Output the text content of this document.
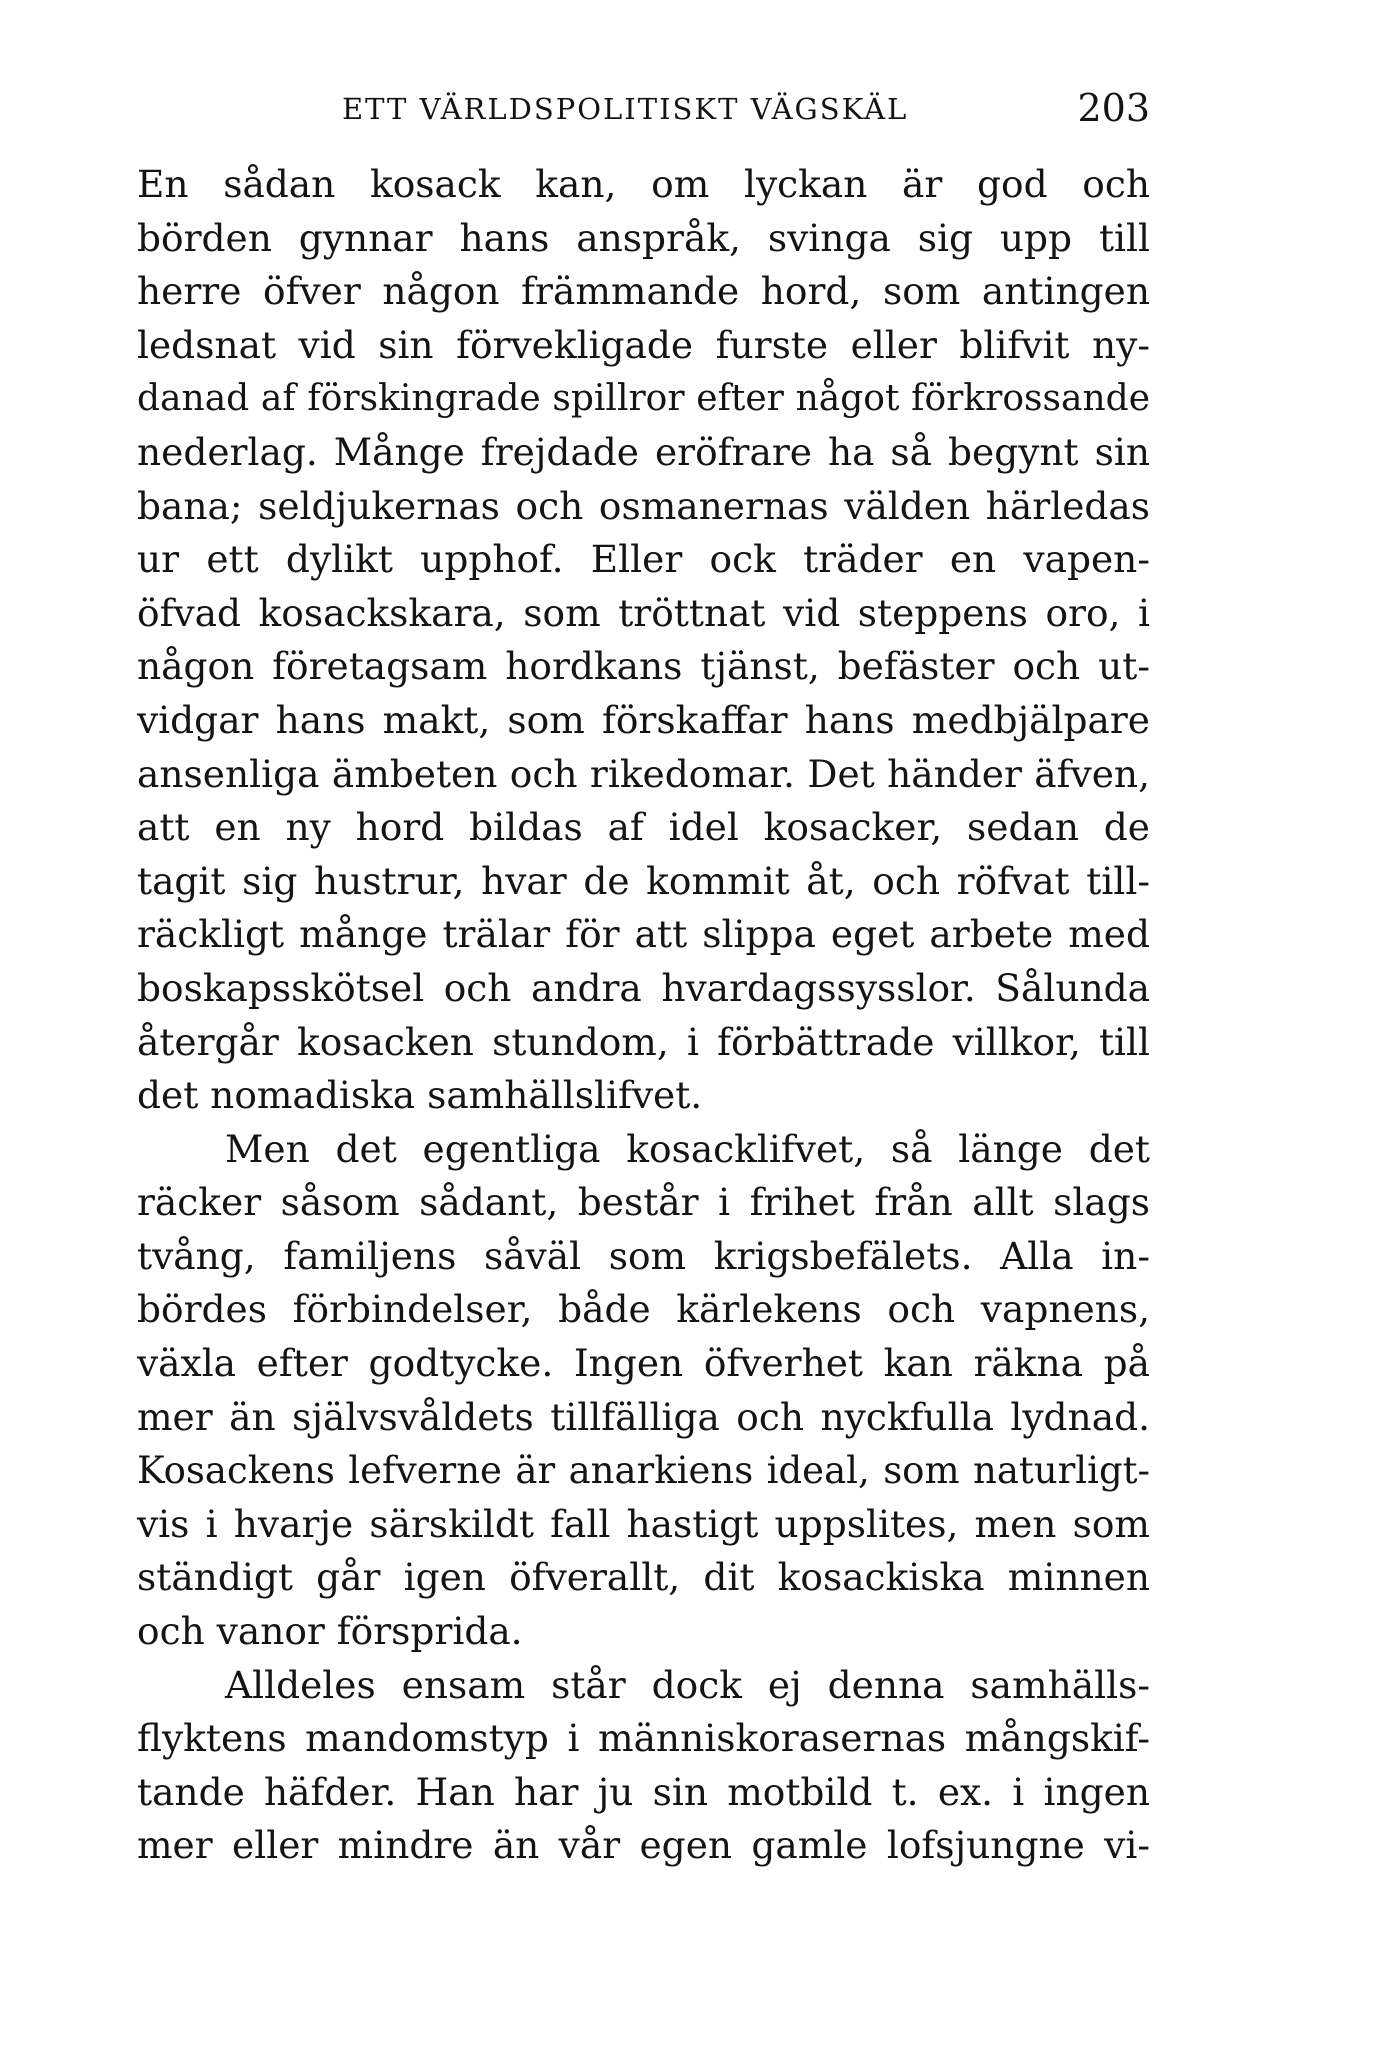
ETT VÄRLDSPOLITISKT VÄGSKÄL	203
En sådan kosack kan, om lyckan är god och
börden gynnar hans anspråk, svinga sig upp till
herre öfver någon främmande hord, som antingen
ledsnat vid sin förvekligade furste eller blifvit ny-
danad af förskingrade spillror efter något förkrossande
nederlag. Månge frejdade eröfrare ha så begynt sin
bana; seldjukernas och osmanernas välden härledas
ur ett dylikt upphof. Eller ock träder en vapen-
öfvad kosackskara, som tröttnat vid steppens oro, i
någon företagsam hordkans tjänst, befäster och ut-
vidgar hans makt, som förskaffar hans medbjälpare
ansenliga ämbeten och rikedomar. Det händer äfven,
att en ny hord bildas af idel kosacker, sedan de
tagit sig hustrur, hvar de kommit åt, och röfvat till-
räckligt månge trälar för att slippa eget arbete med
boskapsskötsel och andra hvardagssysslor. Sålunda
återgår kosacken stundom, i förbättrade villkor, till
det nomadiska samhällslifvet.
Men det egentliga kosacklifvet, så länge det
räcker såsom sådant, består i frihet från allt slags
tvång, familjens såväl som krigsbefälets. Alla in-
bördes förbindelser, både kärlekens och vapnens,
växla efter godtycke. Ingen öfverhet kan räkna på
mer än självsvåldets tillfälliga och nyckfulla lydnad.
Kosackens lefverne är anarkiens ideal, som naturligt-
vis i hvarje särskildt fall hastigt uppslites, men som
ständigt går igen öfverallt, dit kosackiska minnen
och vanor försprida.
Alldeles ensam står dock ej denna samhälls-
flyktens mandomstyp i människorasernas mångskif-
tande häfder. Han har ju sin motbild t. ex. i ingen
mer eller mindre än vår egen gamle lofsjungne vi-
